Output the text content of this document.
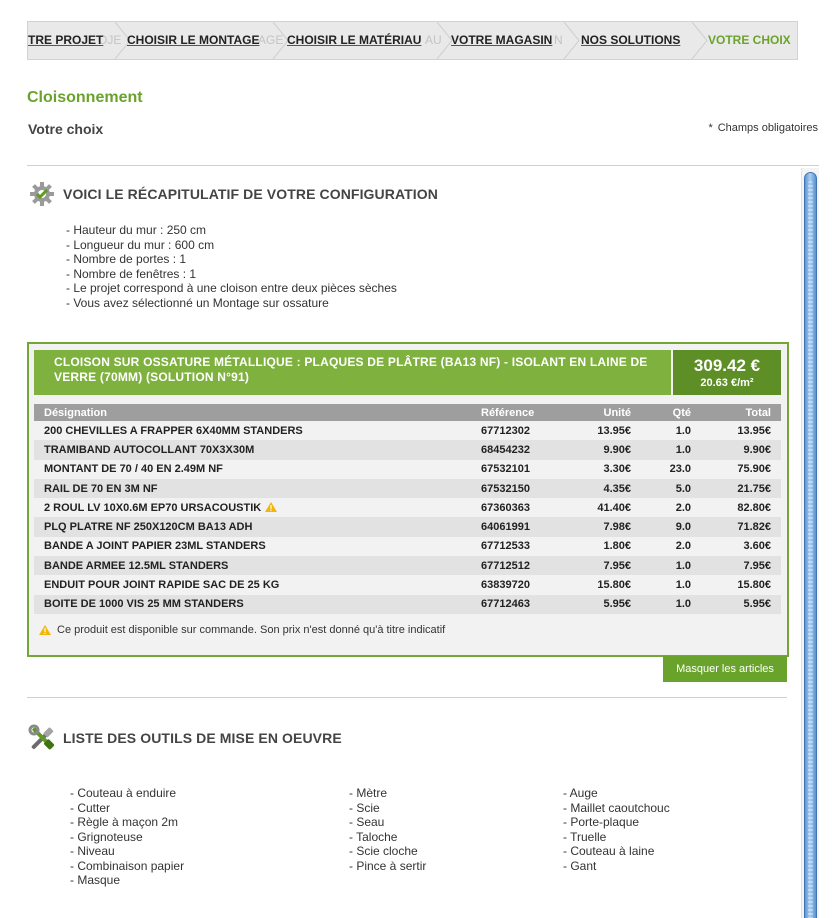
OJE
TRE PROJET	AGE
CHOISIR LE MONTAGE	AU
CHOISIR LE MATÉRIAU	N
VOTRE MAGASIN NOS SOLUTIONS VOTRE CHOIX
Cloisonnement
Votre choix	* Champs obligatoires
VOICI LE RÉCAPITULATIF DE VOTRE CONFIGURATION
- Hauteur du mur : 250 cm
- Longueur du mur : 600 cm
- Nombre de portes : 1
- Nombre de fenêtres : 1
- Le projet correspond à une cloison entre deux pièces sèches
- Vous avez sélectionné un Montage sur ossature
CLOISON SUR OSSATURE MÉTALLIQUE : PLAQUES DE PLÂTRE (BA13 NF) - ISOLANT EN LAINE DE VERRE (70MM) (SOLUTION N°91)
309.42 €
20.63 €/m²
Désignation	Référence	Unité	Qté	Total
200 CHEVILLES A FRAPPER 6X40MM STANDERS	67712302	13.95€	1.0	13.95€
TRAMIBAND AUTOCOLLANT 70X3X30M	68454232	9.90€	1.0	9.90€
MONTANT DE 70 / 40 EN 2.49M NF	67532101	3.30€	23.0	75.90€
RAIL DE 70 EN 3M NF	67532150	4.35€	5.0	21.75€
2 ROUL LV 10X0.6M EP70 URSACOUSTIK	67360363	41.40€	2.0	82.80€
PLQ PLATRE NF 250X120CM BA13 ADH	64061991	7.98€	9.0	71.82€
BANDE A JOINT PAPIER 23ML STANDERS	67712533	1.80€	2.0	3.60€
BANDE ARMEE 12.5ML STANDERS	67712512	7.95€	1.0	7.95€
ENDUIT POUR JOINT RAPIDE SAC DE 25 KG	63839720	15.80€	1.0	15.80€
BOITE DE 1000 VIS 25 MM STANDERS	67712463	5.95€	1.0	5.95€
Ce produit est disponible sur commande. Son prix n'est donné qu'à titre indicatif
Masquer les articles
LISTE DES OUTILS DE MISE EN OEUVRE
- Couteau à enduire
- Cutter
- Règle à maçon 2m
- Grignoteuse
- Niveau
- Combinaison papier
- Masque
- Mètre
- Scie
- Seau
- Taloche
- Scie cloche
- Pince à sertir
- Auge
- Maillet caoutchouc
- Porte-plaque
- Truelle
- Couteau à laine
- Gant
